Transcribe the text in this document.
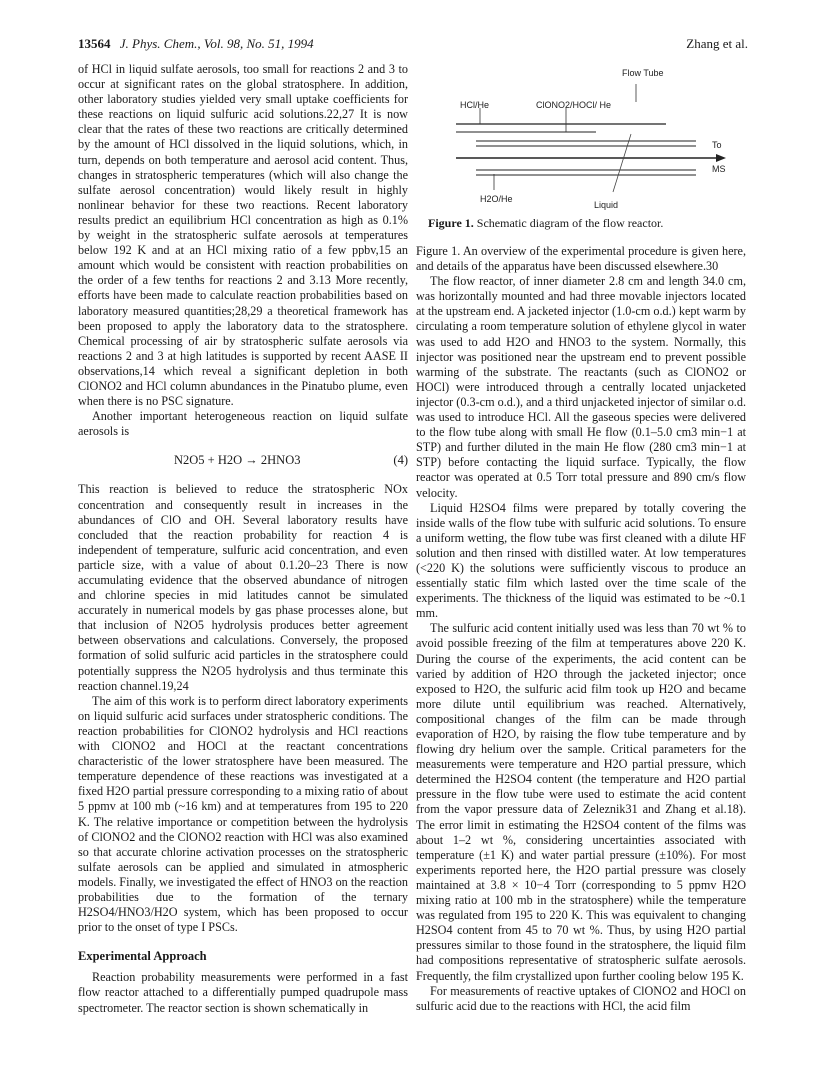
13564 J. Phys. Chem., Vol. 98, No. 51, 1994	Zhang et al.

of HCl in liquid sulfate aerosols, too small for reactions 2 and 3 to occur at significant rates on the global stratosphere. In addition, other laboratory studies yielded very small uptake coefficients for these reactions on liquid sulfuric acid solutions.22,27 It is now clear that the rates of these two reactions are critically determined by the amount of HCl dissolved in the liquid solutions, which, in turn, depends on both temperature and aerosol acid content. Thus, changes in stratospheric temperatures (which will also change the sulfate aerosol concentration) would likely result in highly nonlinear behavior for these two reactions. Recent laboratory results predict an equilibrium HCl concentration as high as 0.1% by weight in the stratospheric sulfate aerosols at temperatures below 192 K and at an HCl mixing ratio of a few ppbv,15 an amount which would be consistent with reaction probabilities on the order of a few tenths for reactions 2 and 3.13 More recently, efforts have been made to calculate reaction probabilities based on laboratory measured quantities;28,29 a theoretical framework has been proposed to apply the laboratory data to the stratosphere. Chemical processing of air by stratospheric sulfate aerosols via reactions 2 and 3 at high latitudes is supported by recent AASE II observations,14 which reveal a significant depletion in both ClONO2 and HCl column abundances in the Pinatubo plume, even when there is no PSC signature.

Another important heterogeneous reaction on liquid sulfate aerosols is

N2O5 + H2O → 2HNO3	(4)

This reaction is believed to reduce the stratospheric NOx concentration and consequently result in increases in the abundances of ClO and OH. Several laboratory results have concluded that the reaction probability for reaction 4 is independent of temperature, sulfuric acid concentration, and even particle size, with a value of about 0.1.20–23 There is now accumulating evidence that the observed abundance of nitrogen and chlorine species in mid latitudes cannot be simulated accurately in numerical models by gas phase processes alone, but that inclusion of N2O5 hydrolysis produces better agreement between observations and calculations. Conversely, the proposed formation of solid sulfuric acid particles in the stratosphere could potentially suppress the N2O5 hydrolysis and thus terminate this reaction channel.19,24

The aim of this work is to perform direct laboratory experiments on liquid sulfuric acid surfaces under stratospheric conditions. The reaction probabilities for ClONO2 hydrolysis and HCl reactions with ClONO2 and HOCl at the reactant concentrations characteristic of the lower stratosphere have been measured. The temperature dependence of these reactions was investigated at a fixed H2O partial pressure corresponding to a mixing ratio of about 5 ppmv at 100 mb (~16 km) and at temperatures from 195 to 220 K. The relative importance or competition between the hydrolysis of ClONO2 and the ClONO2 reaction with HCl was also examined so that accurate chlorine activation processes on the stratospheric sulfate aerosols can be applied and simulated in atmospheric models. Finally, we investigated the effect of HNO3 on the reaction probabilities due to the formation of the ternary H2SO4/HNO3/H2O system, which has been proposed to occur prior to the onset of type I PSCs.

Experimental Approach

Reaction probability measurements were performed in a fast flow reactor attached to a differentially pumped quadrupole mass spectrometer. The reactor section is shown schematically in

Flow Tube
HCl/He	ClONO2/HOCl/ He
To
MS
H2O/He
Liquid
Figure 1. Schematic diagram of the flow reactor.

Figure 1. An overview of the experimental procedure is given here, and details of the apparatus have been discussed elsewhere.30

The flow reactor, of inner diameter 2.8 cm and length 34.0 cm, was horizontally mounted and had three movable injectors located at the upstream end. A jacketed injector (1.0-cm o.d.) kept warm by circulating a room temperature solution of ethylene glycol in water was used to add H2O and HNO3 to the system. Normally, this injector was positioned near the upstream end to prevent possible warming of the substrate. The reactants (such as ClONO2 or HOCl) were introduced through a centrally located unjacketed injector (0.3-cm o.d.), and a third unjacketed injector of similar o.d. was used to introduce HCl. All the gaseous species were delivered to the flow tube along with small He flow (0.1–5.0 cm3 min−1 at STP) and further diluted in the main He flow (280 cm3 min−1 at STP) before contacting the liquid surface. Typically, the flow reactor was operated at 0.5 Torr total pressure and 890 cm/s flow velocity.

Liquid H2SO4 films were prepared by totally covering the inside walls of the flow tube with sulfuric acid solutions. To ensure a uniform wetting, the flow tube was first cleaned with a dilute HF solution and then rinsed with distilled water. At low temperatures (<220 K) the solutions were sufficiently viscous to produce an essentially static film which lasted over the time scale of the experiments. The thickness of the liquid was estimated to be ~0.1 mm.

The sulfuric acid content initially used was less than 70 wt % to avoid possible freezing of the film at temperatures above 220 K. During the course of the experiments, the acid content can be varied by addition of H2O through the jacketed injector; once exposed to H2O, the sulfuric acid film took up H2O and became more dilute until equilibrium was reached. Alternatively, compositional changes of the film can be made through evaporation of H2O, by raising the flow tube temperature and by flowing dry helium over the sample. Critical parameters for the measurements were temperature and H2O partial pressure, which determined the H2SO4 content (the temperature and H2O partial pressure in the flow tube were used to estimate the acid content from the vapor pressure data of Zeleznik31 and Zhang et al.18). The error limit in estimating the H2SO4 content of the films was about 1–2 wt %, considering uncertainties associated with temperature (±1 K) and water partial pressure (±10%). For most experiments reported here, the H2O partial pressure was closely maintained at 3.8 × 10−4 Torr (corresponding to 5 ppmv H2O mixing ratio at 100 mb in the stratosphere) while the temperature was regulated from 195 to 220 K. This was equivalent to changing H2SO4 content from 45 to 70 wt %. Thus, by using H2O partial pressures similar to those found in the stratosphere, the liquid film had compositions representative of stratospheric sulfate aerosols. Frequently, the film crystallized upon further cooling below 195 K.

For measurements of reactive uptakes of ClONO2 and HOCl on sulfuric acid due to the reactions with HCl, the acid film
